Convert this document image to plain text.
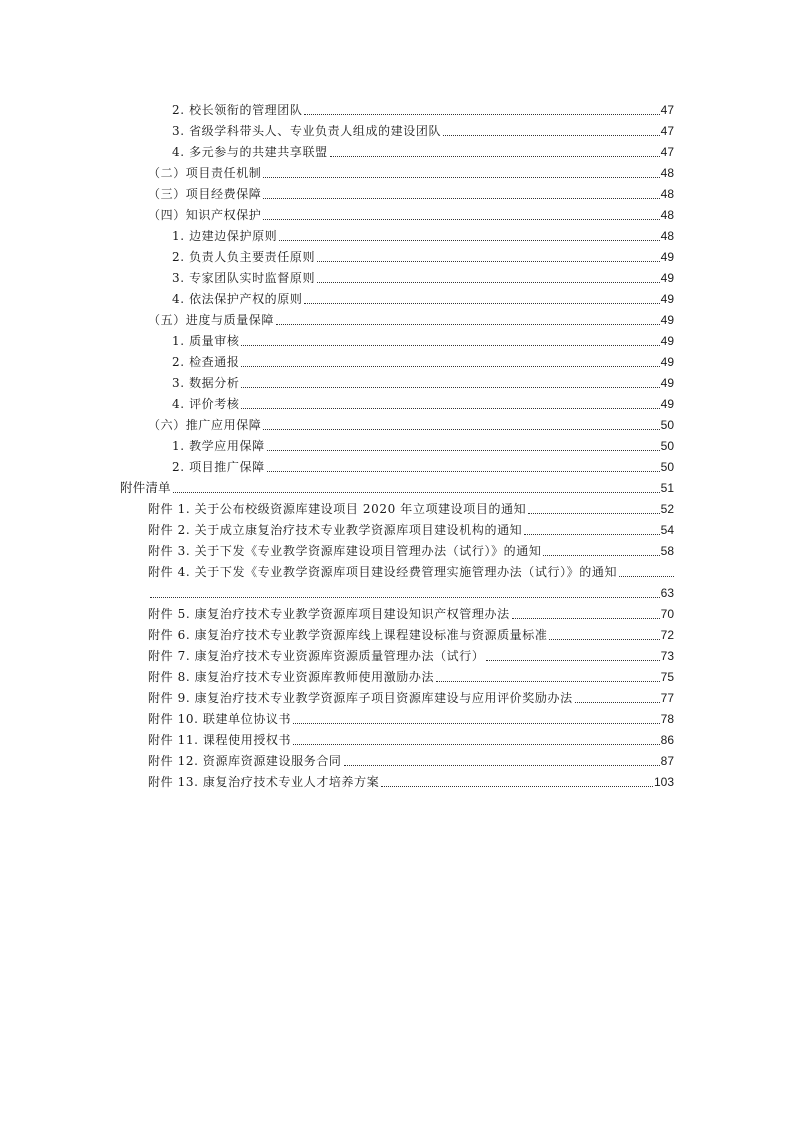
2. 校长领衔的管理团队	47
3. 省级学科带头人、专业负责人组成的建设团队	47
4. 多元参与的共建共享联盟	47
（二）项目责任机制	48
（三）项目经费保障	48
（四）知识产权保护	48
1. 边建边保护原则	48
2. 负责人负主要责任原则	49
3. 专家团队实时监督原则	49
4. 依法保护产权的原则	49
（五）进度与质量保障	49
1. 质量审核	49
2. 检查通报	49
3. 数据分析	49
4. 评价考核	49
（六）推广应用保障	50
1. 教学应用保障	50
2. 项目推广保障	50
附件清单	51
附件 1. 关于公布校级资源库建设项目 2020 年立项建设项目的通知	52
附件 2. 关于成立康复治疗技术专业教学资源库项目建设机构的通知	54
附件 3. 关于下发《专业教学资源库建设项目管理办法（试行）》的通知	58
附件 4. 关于下发《专业教学资源库项目建设经费管理实施管理办法（试行）》的通知
63
附件 5. 康复治疗技术专业教学资源库项目建设知识产权管理办法	70
附件 6. 康复治疗技术专业教学资源库线上课程建设标准与资源质量标准	72
附件 7. 康复治疗技术专业资源库资源质量管理办法（试行）	73
附件 8. 康复治疗技术专业资源库教师使用激励办法	75
附件 9. 康复治疗技术专业教学资源库子项目资源库建设与应用评价奖励办法	77
附件 10. 联建单位协议书	78
附件 11. 课程使用授权书	86
附件 12. 资源库资源建设服务合同	87
附件 13. 康复治疗技术专业人才培养方案	103
